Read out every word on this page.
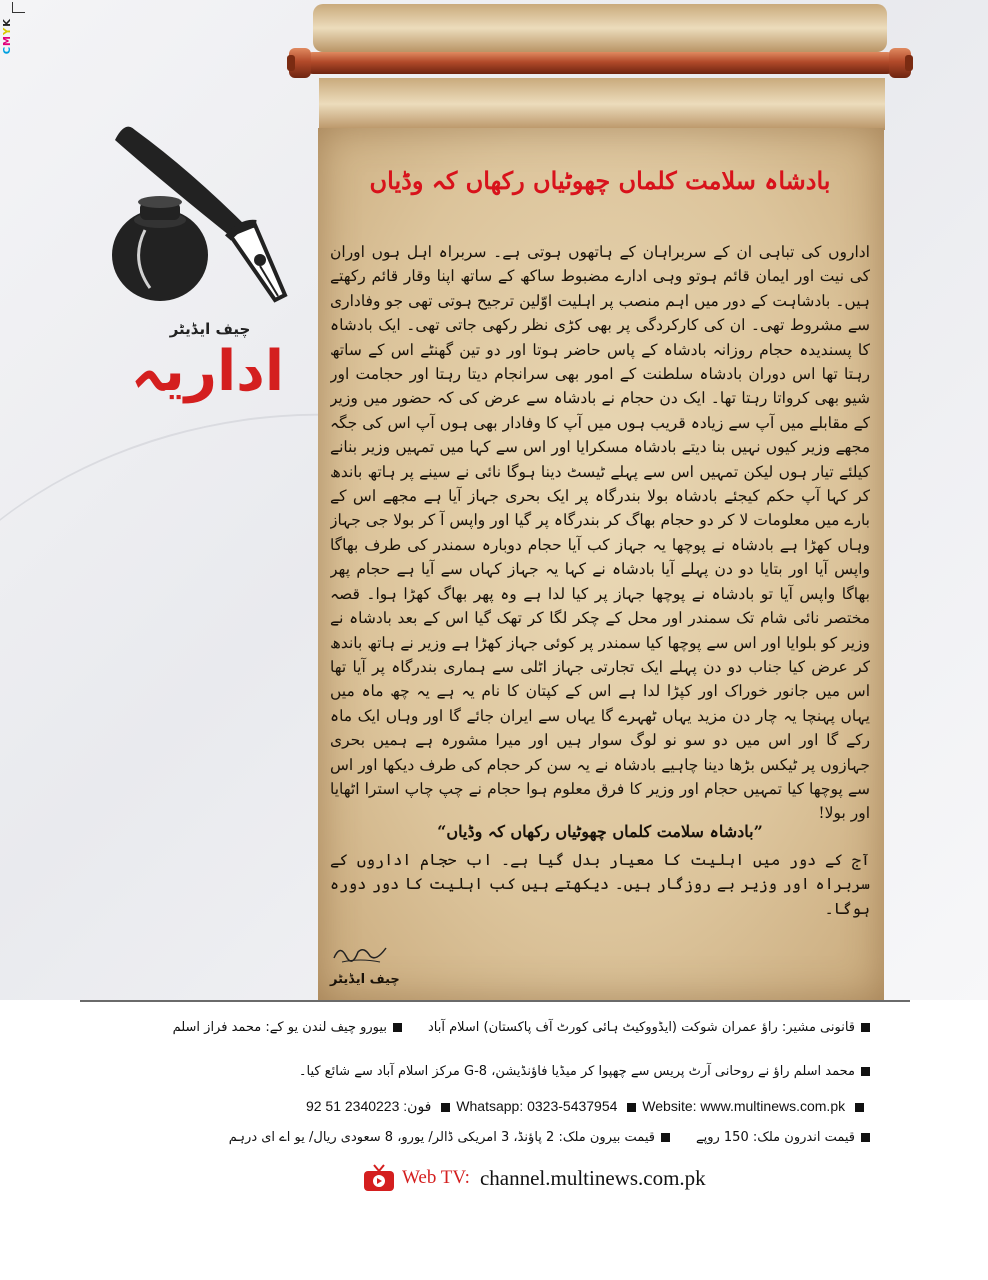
CMYK
چیف ایڈیٹر
اداریہ
بادشاہ سلامت کلماں چھوٹیاں رکھاں کہ وڈیاں

اداروں کی تباہی ان کے سربراہان کے ہاتھوں ہوتی ہے۔ سربراہ اہل ہوں اوران کی نیت اور ایمان قائم ہوتو وہی ادارے مضبوط ساکھ کے ساتھ اپنا وقار قائم رکھتے ہیں۔ بادشاہت کے دور میں اہم منصب پر اہلیت اوّلین ترجیح ہوتی تھی جو وفاداری سے مشروط تھی۔ ان کی کارکردگی پر بھی کڑی نظر رکھی جاتی تھی۔ ایک بادشاہ کا پسندیدہ حجام روزانہ بادشاہ کے پاس حاضر ہوتا اور دو تین گھنٹے اس کے ساتھ رہتا تھا اس دوران بادشاہ سلطنت کے امور بھی سرانجام دیتا رہتا اور حجامت اور شیو بھی کرواتا رہتا تھا۔ ایک دن حجام نے بادشاہ سے عرض کی کہ حضور میں وزیر کے مقابلے میں آپ سے زیادہ قریب ہوں میں آپ کا وفادار بھی ہوں آپ اس کی جگہ مجھے وزیر کیوں نہیں بنا دیتے بادشاہ مسکرایا اور اس سے کہا میں تمہیں وزیر بنانے کیلئے تیار ہوں لیکن تمہیں اس سے پہلے ٹیسٹ دینا ہوگا نائی نے سینے پر ہاتھ باندھ کر کہا آپ حکم کیجئے بادشاہ بولا بندرگاہ پر ایک بحری جہاز آیا ہے مجھے اس کے بارے میں معلومات لا کر دو حجام بھاگ کر بندرگاہ پر گیا اور واپس آ کر بولا جی جہاز وہاں کھڑا ہے بادشاہ نے پوچھا یہ جہاز کب آیا حجام دوبارہ سمندر کی طرف بھاگا واپس آیا اور بتایا دو دن پہلے آیا بادشاہ نے کہا یہ جہاز کہاں سے آیا ہے حجام پھر بھاگا واپس آیا تو بادشاہ نے پوچھا جہاز پر کیا لدا ہے وہ پھر بھاگ کھڑا ہوا۔ قصہ مختصر نائی شام تک سمندر اور محل کے چکر لگا کر تھک گیا اس کے بعد بادشاہ نے وزیر کو بلوایا اور اس سے پوچھا کیا سمندر پر کوئی جہاز کھڑا ہے وزیر نے ہاتھ باندھ کر عرض کیا جناب دو دن پہلے ایک تجارتی جہاز اٹلی سے ہماری بندرگاہ پر آیا تھا اس میں جانور خوراک اور کپڑا لدا ہے اس کے کپتان کا نام یہ ہے یہ چھ ماہ میں یہاں پہنچا یہ چار دن مزید یہاں ٹھہرے گا یہاں سے ایران جائے گا اور وہاں ایک ماہ رکے گا اور اس میں دو سو نو لوگ سوار ہیں اور میرا مشورہ ہے ہمیں بحری جہازوں پر ٹیکس بڑھا دینا چاہیے بادشاہ نے یہ سن کر حجام کی طرف دیکھا اور اس سے پوچھا کیا تمہیں حجام اور وزیر کا فرق معلوم ہوا حجام نے چپ چاپ استرا اٹھایا اور بولا!

”بادشاہ سلامت کلماں چھوٹیاں رکھاں کہ وڈیاں“
آج کے دور میں اہلیت کا معیار بدل گیا ہے۔ اب حجام اداروں کے سربراہ اور وزیر بے روزگار ہیں۔ دیکھتے ہیں کب اہلیت کا دور دورہ ہوگا۔
چیف ایڈیٹر
قانونی مشیر: راؤ عمران شوکت (ایڈووکیٹ ہائی کورٹ آف پاکستان) اسلام آبادبیورو چیف لندن یو کے: محمد فراز اسلم
محمد اسلم راؤ نے روحانی آرٹ پریس سے چھپوا کر میڈیا فاؤنڈیشن، G-8 مرکز اسلام آباد سے شائع کیا۔
فون: 2340223 51 92 Whatsapp: 0323-5437954 Website: www.multinews.com.pk
قیمت اندرون ملک: 150 روپےقیمت بیرون ملک: 2 پاؤنڈ، 3 امریکی ڈالر/ یورو، 8 سعودی ریال/ یو اے ای درہم
Web TV: channel.multinews.com.pk
